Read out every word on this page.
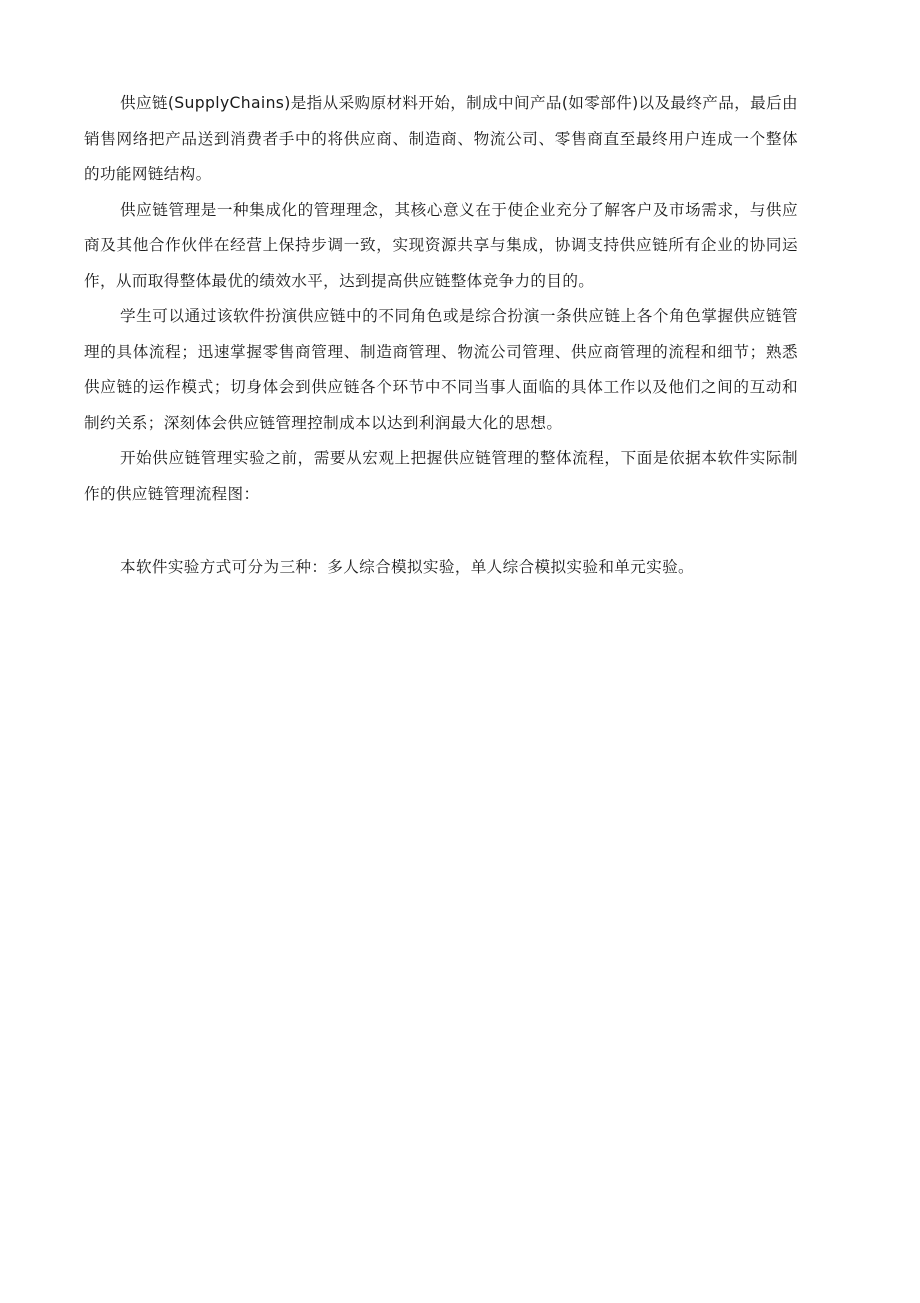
供应链(SupplyChains)是指从采购原材料开始，制成中间产品(如零部件)以及最终产品，最后由销售网络把产品送到消费者手中的将供应商、制造商、物流公司、零售商直至最终用户连成一个整体的功能网链结构。

供应链管理是一种集成化的管理理念，其核心意义在于使企业充分了解客户及市场需求，与供应商及其他合作伙伴在经营上保持步调一致，实现资源共享与集成，协调支持供应链所有企业的协同运作，从而取得整体最优的绩效水平，达到提高供应链整体竞争力的目的。

学生可以通过该软件扮演供应链中的不同角色或是综合扮演一条供应链上各个角色掌握供应链管理的具体流程；迅速掌握零售商管理、制造商管理、物流公司管理、供应商管理的流程和细节；熟悉供应链的运作模式；切身体会到供应链各个环节中不同当事人面临的具体工作以及他们之间的互动和制约关系；深刻体会供应链管理控制成本以达到利润最大化的思想。

开始供应链管理实验之前，需要从宏观上把握供应链管理的整体流程，下面是依据本软件实际制作的供应链管理流程图：

本软件实验方式可分为三种：多人综合模拟实验，单人综合模拟实验和单元实验。
